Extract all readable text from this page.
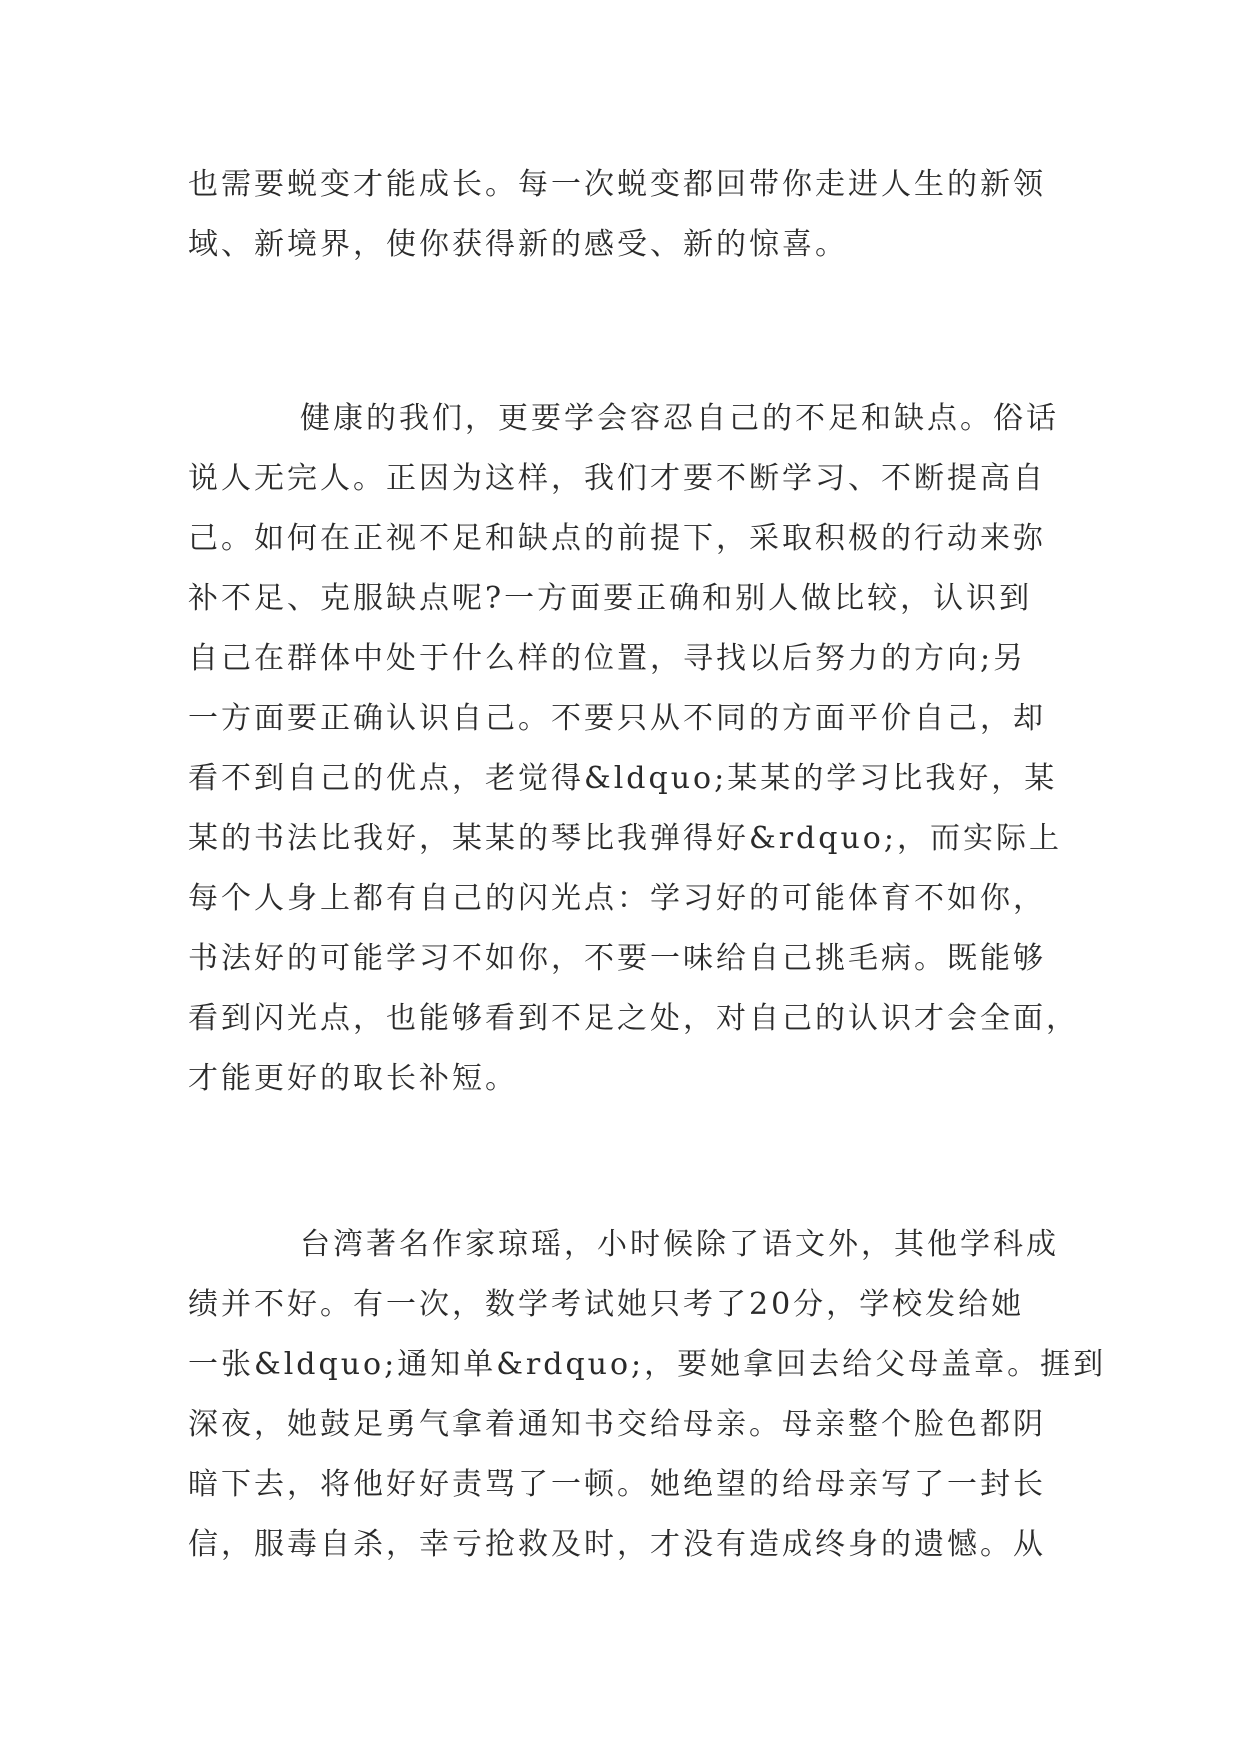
也需要蜕变才能成长。每一次蜕变都回带你走进人生的新领
域、新境界，使你获得新的感受、新的惊喜。
健康的我们，更要学会容忍自己的不足和缺点。俗话
说人无完人。正因为这样，我们才要不断学习、不断提高自
己。如何在正视不足和缺点的前提下，采取积极的行动来弥
补不足、克服缺点呢?一方面要正确和别人做比较，认识到
自己在群体中处于什么样的位置，寻找以后努力的方向;另
一方面要正确认识自己。不要只从不同的方面平价自己，却
看不到自己的优点，老觉得&ldquo;某某的学习比我好，某
某的书法比我好，某某的琴比我弹得好&rdquo;，而实际上
每个人身上都有自己的闪光点：学习好的可能体育不如你，
书法好的可能学习不如你，不要一味给自己挑毛病。既能够
看到闪光点，也能够看到不足之处，对自己的认识才会全面，
才能更好的取长补短。
台湾著名作家琼瑶，小时候除了语文外，其他学科成
绩并不好。有一次，数学考试她只考了20分，学校发给她
一张&ldquo;通知单&rdquo;，要她拿回去给父母盖章。捱到
深夜，她鼓足勇气拿着通知书交给母亲。母亲整个脸色都阴
暗下去，将他好好责骂了一顿。她绝望的给母亲写了一封长
信，服毒自杀，幸亏抢救及时，才没有造成终身的遗憾。从
